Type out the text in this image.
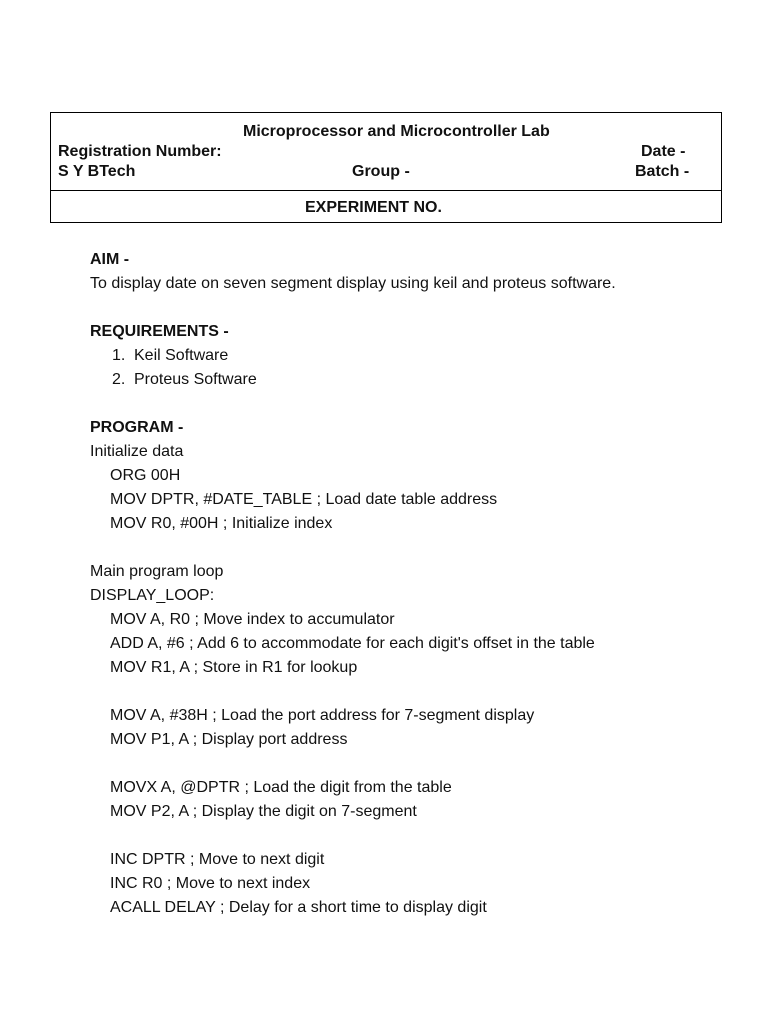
Microprocessor and Microcontroller Lab
Registration Number:	Date -
S Y BTech	Group -	Batch -
EXPERIMENT NO.
AIM -
To display date on seven segment display using keil and proteus software.
REQUIREMENTS -
1. Keil Software
2. Proteus Software
PROGRAM -
Initialize data
ORG 00H
MOV DPTR, #DATE_TABLE ; Load date table address
MOV R0, #00H ; Initialize index
Main program loop
DISPLAY_LOOP:
MOV A, R0 ; Move index to accumulator
ADD A, #6 ; Add 6 to accommodate for each digit's offset in the table
MOV R1, A ; Store in R1 for lookup
MOV A, #38H ; Load the port address for 7-segment display
MOV P1, A ; Display port address
MOVX A, @DPTR ; Load the digit from the table
MOV P2, A ; Display the digit on 7-segment
INC DPTR ; Move to next digit
INC R0 ; Move to next index
ACALL DELAY ; Delay for a short time to display digit
